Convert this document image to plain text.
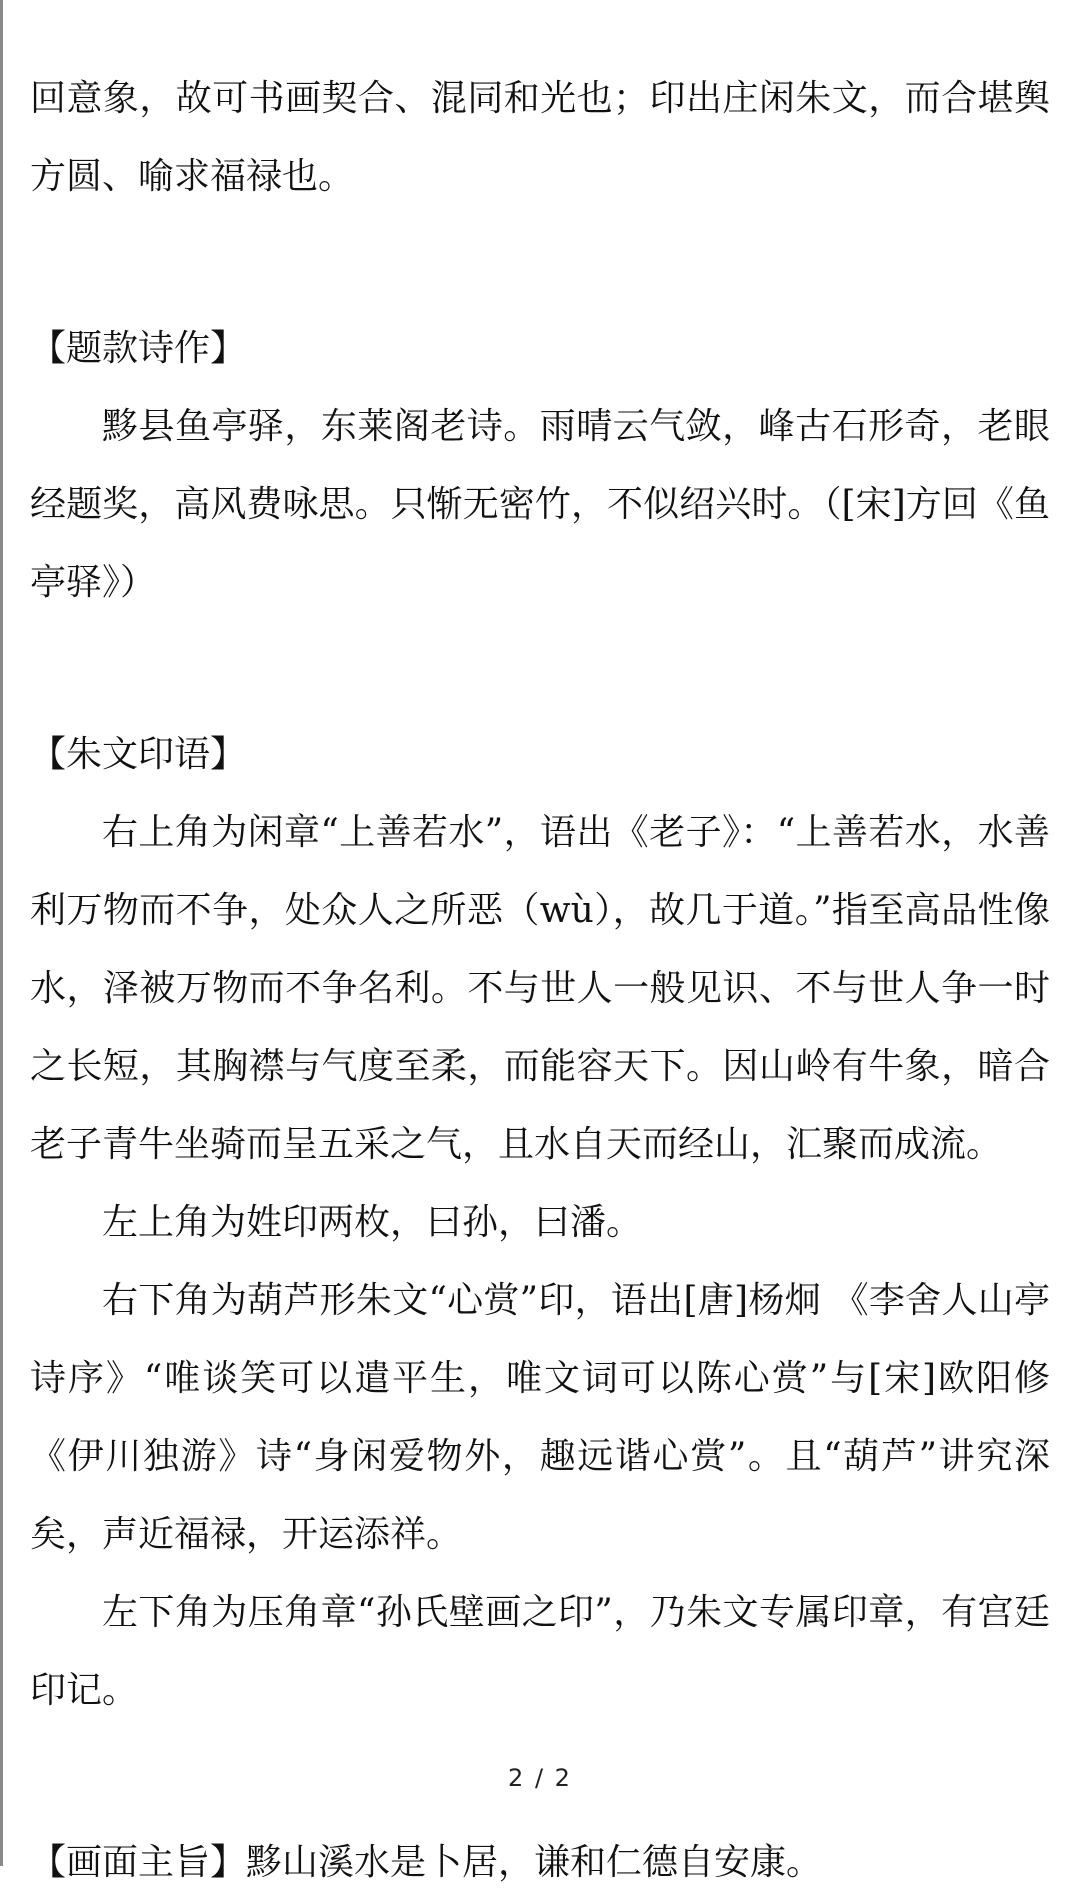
回意象，故可书画契合、混同和光也；印出庄闲朱文，而合堪舆方圆、喻求福禄也。

【题款诗作】

黟县鱼亭驿，东莱阁老诗。雨晴云气敛，峰古石形奇，老眼经题奖，高风费咏思。只惭无密竹，不似绍兴时。（[宋]方回《鱼亭驿》）

【朱文印语】

右上角为闲章“上善若水”，语出《老子》：“上善若水，水善利万物而不争，处众人之所恶（wù），故几于道。”指至高品性像水，泽被万物而不争名利。不与世人一般见识、不与世人争一时之长短，其胸襟与气度至柔，而能容天下。因山岭有牛象，暗合老子青牛坐骑而呈五采之气，且水自天而经山，汇聚而成流。

左上角为姓印两枚，曰孙，曰潘。

右下角为葫芦形朱文“心赏”印，语出[唐]杨炯 《李舍人山亭诗序》“唯谈笑可以遣平生，唯文词可以陈心赏”与[宋]欧阳修 《伊川独游》诗“身闲爱物外，趣远谐心赏”。且“葫芦”讲究深矣，声近福禄，开运添祥。

左下角为压角章“孙氏壁画之印”，乃朱文专属印章，有宫廷印记。

【画面主旨】黟山溪水是卜居，谦和仁德自安康。

2 / 2
